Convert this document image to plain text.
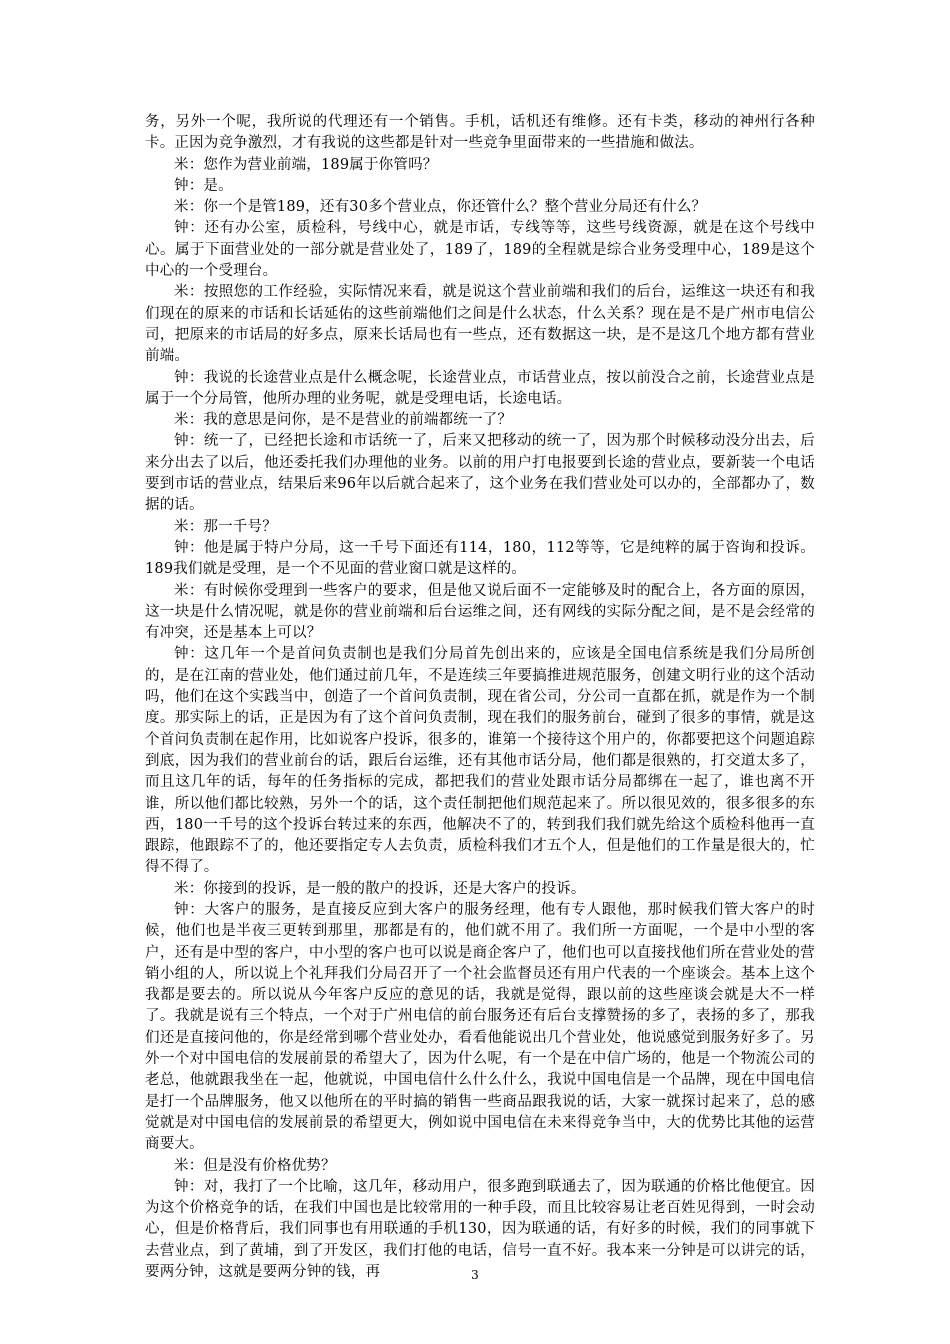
务，另外一个呢，我所说的代理还有一个销售。手机，话机还有维修。还有卡类，移动的神州行各种卡。正因为竞争激烈，才有我说的这些都是针对一些竞争里面带来的一些措施和做法。

米：您作为营业前端，189属于你管吗？

钟：是。

米：你一个是管189，还有30多个营业点，你还管什么？整个营业分局还有什么？

钟：还有办公室，质检科，号线中心，就是市话，专线等等，这些号线资源，就是在这个号线中心。属于下面营业处的一部分就是营业处了，189了，189的全程就是综合业务受理中心，189是这个中心的一个受理台。

米：按照您的工作经验，实际情况来看，就是说这个营业前端和我们的后台，运维这一块还有和我们现在的原来的市话和长话延佑的这些前端他们之间是什么状态，什么关系？现在是不是广州市电信公司，把原来的市话局的好多点，原来长话局也有一些点，还有数据这一块，是不是这几个地方都有营业前端。

钟：我说的长途营业点是什么概念呢，长途营业点，市话营业点，按以前没合之前，长途营业点是属于一个分局管，他所办理的业务呢，就是受理电话，长途电话。

米：我的意思是问你，是不是营业的前端都统一了？

钟：统一了，已经把长途和市话统一了，后来又把移动的统一了，因为那个时候移动没分出去，后来分出去了以后，他还委托我们办理他的业务。以前的用户打电报要到长途的营业点，要新装一个电话要到市话的营业点，结果后来96年以后就合起来了，这个业务在我们营业处可以办的，全部都办了，数据的话。

米：那一千号？

钟：他是属于特户分局，这一千号下面还有114，180，112等等，它是纯粹的属于咨询和投诉。189我们就是受理，是一个不见面的营业窗口就是这样的。

米：有时候你受理到一些客户的要求，但是他又说后面不一定能够及时的配合上，各方面的原因，这一块是什么情况呢，就是你的营业前端和后台运维之间，还有网线的实际分配之间，是不是会经常的有冲突，还是基本上可以？

钟：这几年一个是首问负责制也是我们分局首先创出来的，应该是全国电信系统是我们分局所创的，是在江南的营业处，他们通过前几年，不是连续三年要搞推进规范服务，创建文明行业的这个活动吗，他们在这个实践当中，创造了一个首问负责制，现在省公司，分公司一直都在抓，就是作为一个制度。那实际上的话，正是因为有了这个首问负责制，现在我们的服务前台，碰到了很多的事情，就是这个首问负责制在起作用，比如说客户投诉，很多的，谁第一个接待这个用户的，你都要把这个问题追踪到底，因为我们的营业前台的话，跟后台运维，还有其他市话分局，他们都是很熟的，打交道太多了，而且这几年的话，每年的任务指标的完成，都把我们的营业处跟市话分局都绑在一起了，谁也离不开谁，所以他们都比较熟，另外一个的话，这个责任制把他们规范起来了。所以很见效的，很多很多的东西，180一千号的这个投诉台转过来的东西，他解决不了的，转到我们我们就先给这个质检科他再一直跟踪，他跟踪不了的，他还要指定专人去负责，质检科我们才五个人，但是他们的工作量是很大的，忙得不得了。

米：你接到的投诉，是一般的散户的投诉，还是大客户的投诉。

钟：大客户的服务，是直接反应到大客户的服务经理，他有专人跟他，那时候我们管大客户的时候，他们也是半夜三更转到那里，那都是有的，他们就不用了。我们所一方面呢，一个是中小型的客户，还有是中型的客户，中小型的客户也可以说是商企客户了，他们也可以直接找他们所在营业处的营销小组的人，所以说上个礼拜我们分局召开了一个社会监督员还有用户代表的一个座谈会。基本上这个我都是要去的。所以说从今年客户反应的意见的话，我就是觉得，跟以前的这些座谈会就是大不一样了。我就是说有三个特点，一个对于广州电信的前台服务还有后台支撑赞扬的多了，表扬的多了，那我们还是直接问他的，你是经常到哪个营业处办，看看他能说出几个营业处，他说感觉到服务好多了。另外一个对中国电信的发展前景的希望大了，因为什么呢，有一个是在中信广场的，他是一个物流公司的老总，他就跟我坐在一起，他就说，中国电信什么什么什么，我说中国电信是一个品牌，现在中国电信是打一个品牌服务，他又以他所在的平时搞的销售一些商品跟我说的话，大家一就探讨起来了，总的感觉就是对中国电信的发展前景的希望更大，例如说中国电信在未来得竞争当中，大的优势比其他的运营商要大。

米：但是没有价格优势？

钟：对，我打了一个比喻，这几年，移动用户，很多跑到联通去了，因为联通的价格比他便宜。因为这个价格竞争的话，在我们中国也是比较常用的一种手段，而且比较容易让老百姓见得到，一时会动心，但是价格背后，我们同事也有用联通的手机130，因为联通的话，有好多的时候，我们的同事就下去营业点，到了黄埔，到了开发区，我们打他的电话，信号一直不好。我本来一分钟是可以讲完的话，要两分钟，这就是要两分钟的钱，再	3
